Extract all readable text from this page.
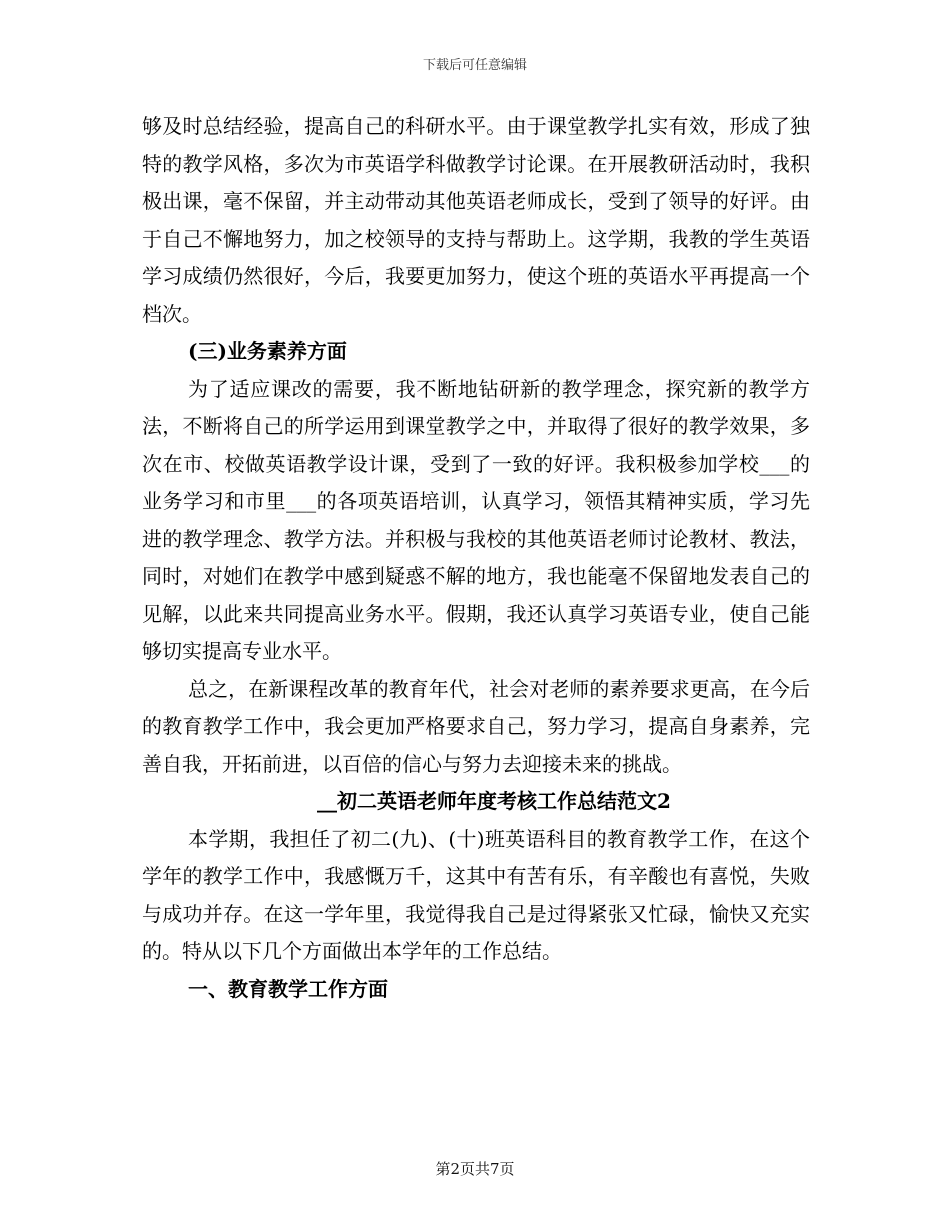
下载后可任意编辑

够及时总结经验，提高自己的科研水平。由于课堂教学扎实有效，形成了独特的教学风格，多次为市英语学科做教学讨论课。在开展教研活动时，我积极出课，毫不保留，并主动带动其他英语老师成长，受到了领导的好评。由于自己不懈地努力，加之校领导的支持与帮助上。这学期，我教的学生英语学习成绩仍然很好，今后，我要更加努力，使这个班的英语水平再提高一个档次。

(三)业务素养方面

为了适应课改的需要，我不断地钻研新的教学理念，探究新的教学方法，不断将自己的所学运用到课堂教学之中，并取得了很好的教学效果，多次在市、校做英语教学设计课，受到了一致的好评。我积极参加学校___的业务学习和市里___的各项英语培训，认真学习，领悟其精神实质，学习先进的教学理念、教学方法。并积极与我校的其他英语老师讨论教材、教法，同时，对她们在教学中感到疑惑不解的地方，我也能毫不保留地发表自己的见解，以此来共同提高业务水平。假期，我还认真学习英语专业，使自己能够切实提高专业水平。

总之，在新课程改革的教育年代，社会对老师的素养要求更高，在今后的教育教学工作中，我会更加严格要求自己，努力学习，提高自身素养，完善自我，开拓前进，以百倍的信心与努力去迎接未来的挑战。

__初二英语老师年度考核工作总结范文2

本学期，我担任了初二(九)、(十)班英语科目的教育教学工作，在这个学年的教学工作中，我感慨万千，这其中有苦有乐，有辛酸也有喜悦，失败与成功并存。在这一学年里，我觉得我自己是过得紧张又忙碌，愉快又充实的。特从以下几个方面做出本学年的工作总结。

一、教育教学工作方面

第2页共7页
